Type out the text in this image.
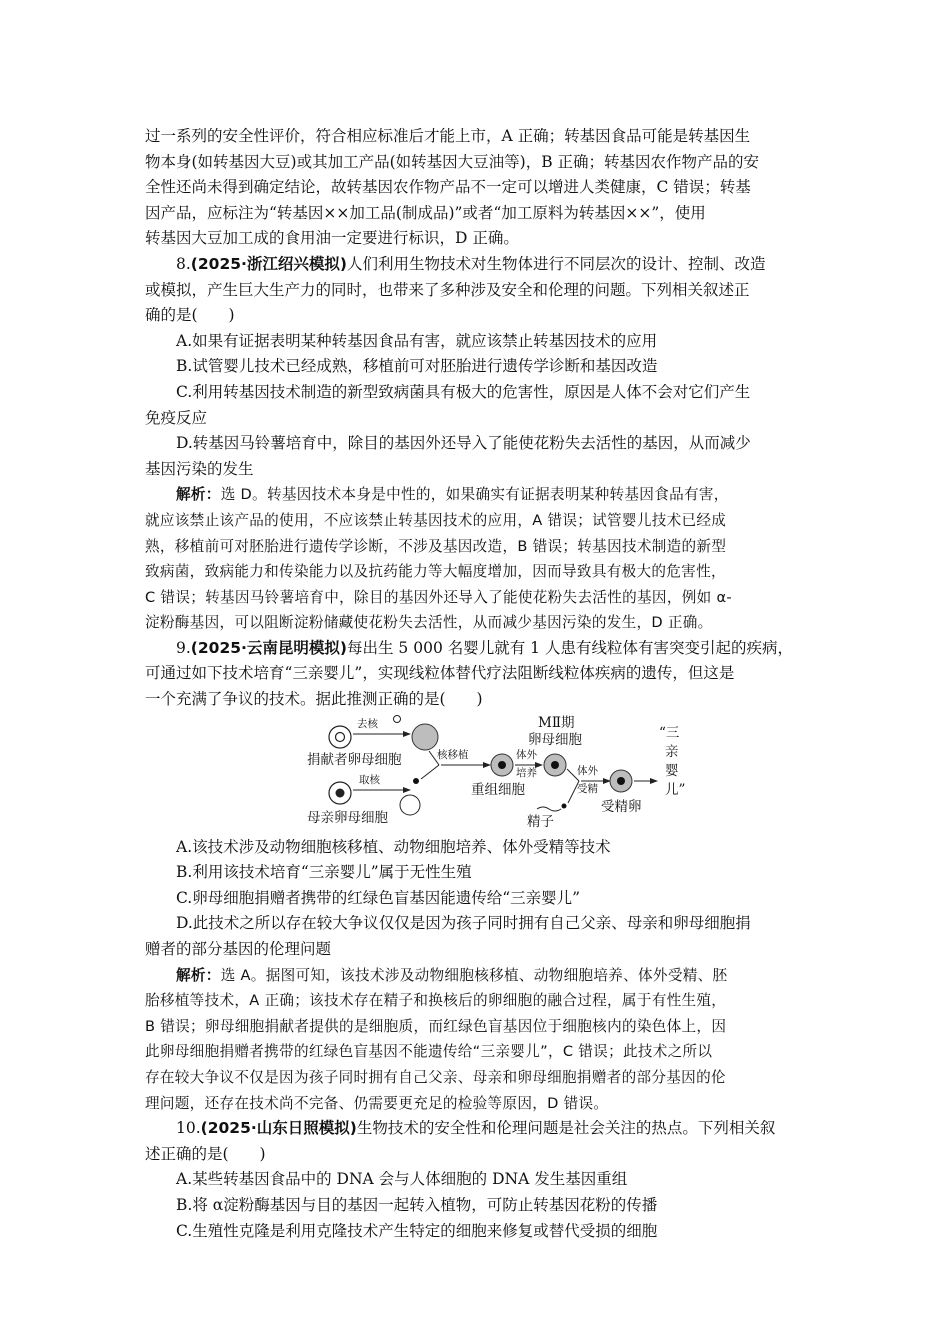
过一系列的安全性评价，符合相应标准后才能上市，A 正确；转基因食品可能是转基因生

物本身(如转基因大豆)或其加工产品(如转基因大豆油等)，B 正确；转基因农作物产品的安

全性还尚未得到确定结论，故转基因农作物产品不一定可以增进人类健康，C 错误；转基

因产品，应标注为“转基因××加工品(制成品)”或者“加工原料为转基因××”，使用

转基因大豆加工成的食用油一定要进行标识，D 正确。

8.(2025·浙江绍兴模拟)人们利用生物技术对生物体进行不同层次的设计、控制、改造

或模拟，产生巨大生产力的同时，也带来了多种涉及安全和伦理的问题。下列相关叙述正

确的是(　　)

A.如果有证据表明某种转基因食品有害，就应该禁止转基因技术的应用

B.试管婴儿技术已经成熟，移植前可对胚胎进行遗传学诊断和基因改造

C.利用转基因技术制造的新型致病菌具有极大的危害性，原因是人体不会对它们产生

免疫反应

D.转基因马铃薯培育中，除目的基因外还导入了能使花粉失去活性的基因，从而减少

基因污染的发生

解析：选 D。转基因技术本身是中性的，如果确实有证据表明某种转基因食品有害，

就应该禁止该产品的使用，不应该禁止转基因技术的应用，A 错误；试管婴儿技术已经成

熟，移植前可对胚胎进行遗传学诊断，不涉及基因改造，B 错误；转基因技术制造的新型

致病菌，致病能力和传染能力以及抗药能力等大幅度增加，因而导致具有极大的危害性，

C 错误；转基因马铃薯培育中，除目的基因外还导入了能使花粉失去活性的基因，例如 α-

淀粉酶基因，可以阻断淀粉储藏使花粉失去活性，从而减少基因污染的发生，D 正确。

9.(2025·云南昆明模拟)每出生 5 000 名婴儿就有 1 人患有线粒体有害突变引起的疾病，

可通过如下技术培育“三亲婴儿”，实现线粒体替代疗法阻断线粒体疾病的遗传，但这是

一个充满了争议的技术。据此推测正确的是(　　)

去核
捐献者卵母细胞
取核
母亲卵母细胞
核移植
重组细胞
体外
培养
MⅡ期
卵母细胞
体外
受精
精子
受精卵
“三
亲
婴
儿”

A.该技术涉及动物细胞核移植、动物细胞培养、体外受精等技术

B.利用该技术培育“三亲婴儿”属于无性生殖

C.卵母细胞捐赠者携带的红绿色盲基因能遗传给“三亲婴儿”

D.此技术之所以存在较大争议仅仅是因为孩子同时拥有自己父亲、母亲和卵母细胞捐

赠者的部分基因的伦理问题

解析：选 A。据图可知，该技术涉及动物细胞核移植、动物细胞培养、体外受精、胚

胎移植等技术，A 正确；该技术存在精子和换核后的卵细胞的融合过程，属于有性生殖，

B 错误；卵母细胞捐献者提供的是细胞质，而红绿色盲基因位于细胞核内的染色体上，因

此卵母细胞捐赠者携带的红绿色盲基因不能遗传给“三亲婴儿”，C 错误；此技术之所以

存在较大争议不仅是因为孩子同时拥有自己父亲、母亲和卵母细胞捐赠者的部分基因的伦

理问题，还存在技术尚不完备、仍需要更充足的检验等原因，D 错误。

10.(2025·山东日照模拟)生物技术的安全性和伦理问题是社会关注的热点。下列相关叙

述正确的是(　　)

A.某些转基因食品中的 DNA 会与人体细胞的 DNA 发生基因重组

B.将 α淀粉酶基因与目的基因一起转入植物，可防止转基因花粉的传播

C.生殖性克隆是利用克隆技术产生特定的细胞来修复或替代受损的细胞
